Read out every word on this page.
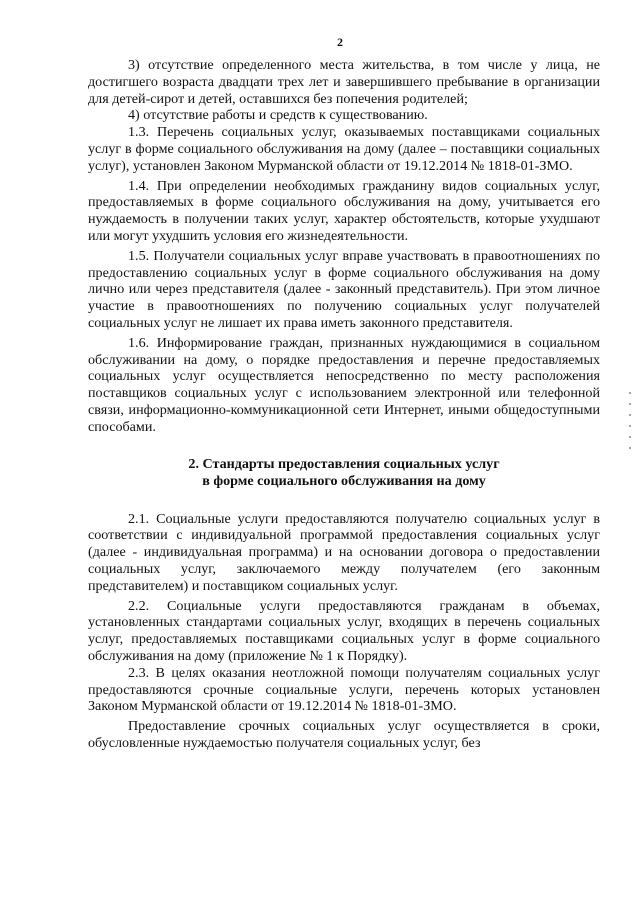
2

3) отсутствие определенного места жительства, в том числе у лица, не достигшего возраста двадцати трех лет и завершившего пребывание в организации для детей-сирот и детей, оставшихся без попечения родителей;

4) отсутствие работы и средств к существованию.

1.3. Перечень социальных услуг, оказываемых поставщиками социальных услуг в форме социального обслуживания на дому (далее – поставщики социальных услуг), установлен Законом Мурманской области от 19.12.2014 № 1818-01-ЗМО.

1.4. При определении необходимых гражданину видов социальных услуг, предоставляемых в форме социального обслуживания на дому, учитывается его нуждаемость в получении таких услуг, характер обстоятельств, которые ухудшают или могут ухудшить условия его жизнедеятельности.

1.5. Получатели социальных услуг вправе участвовать в правоотношениях по предоставлению социальных услуг в форме социального обслуживания на дому лично или через представителя (далее - законный представитель). При этом личное участие в правоотношениях по получению социальных услуг получателей социальных услуг не лишает их права иметь законного представителя.

1.6. Информирование граждан, признанных нуждающимися в социальном обслуживании на дому, о порядке предоставления и перечне предоставляемых социальных услуг осуществляется непосредственно по месту расположения поставщиков социальных услуг с использованием электронной или телефонной связи, информационно-коммуникационной сети Интернет, иными общедоступными способами.

2. Стандарты предоставления социальных услуг

в форме социального обслуживания на дому

2.1. Социальные услуги предоставляются получателю социальных услуг в соответствии с индивидуальной программой предоставления социальных услуг (далее - индивидуальная программа) и на основании договора о предоставлении социальных услуг, заключаемого между получателем (его законным представителем) и поставщиком социальных услуг.

2.2. Социальные услуги предоставляются гражданам в объемах, установленных стандартами социальных услуг, входящих в перечень социальных услуг, предоставляемых поставщиками социальных услуг в форме социального обслуживания на дому (приложение № 1 к Порядку).

2.3. В целях оказания неотложной помощи получателям социальных услуг предоставляются срочные социальные услуги, перечень которых установлен Законом Мурманской области от 19.12.2014 № 1818-01-ЗМО.

Предоставление срочных социальных услуг осуществляется в сроки, обусловленные нуждаемостью получателя социальных услуг, без
